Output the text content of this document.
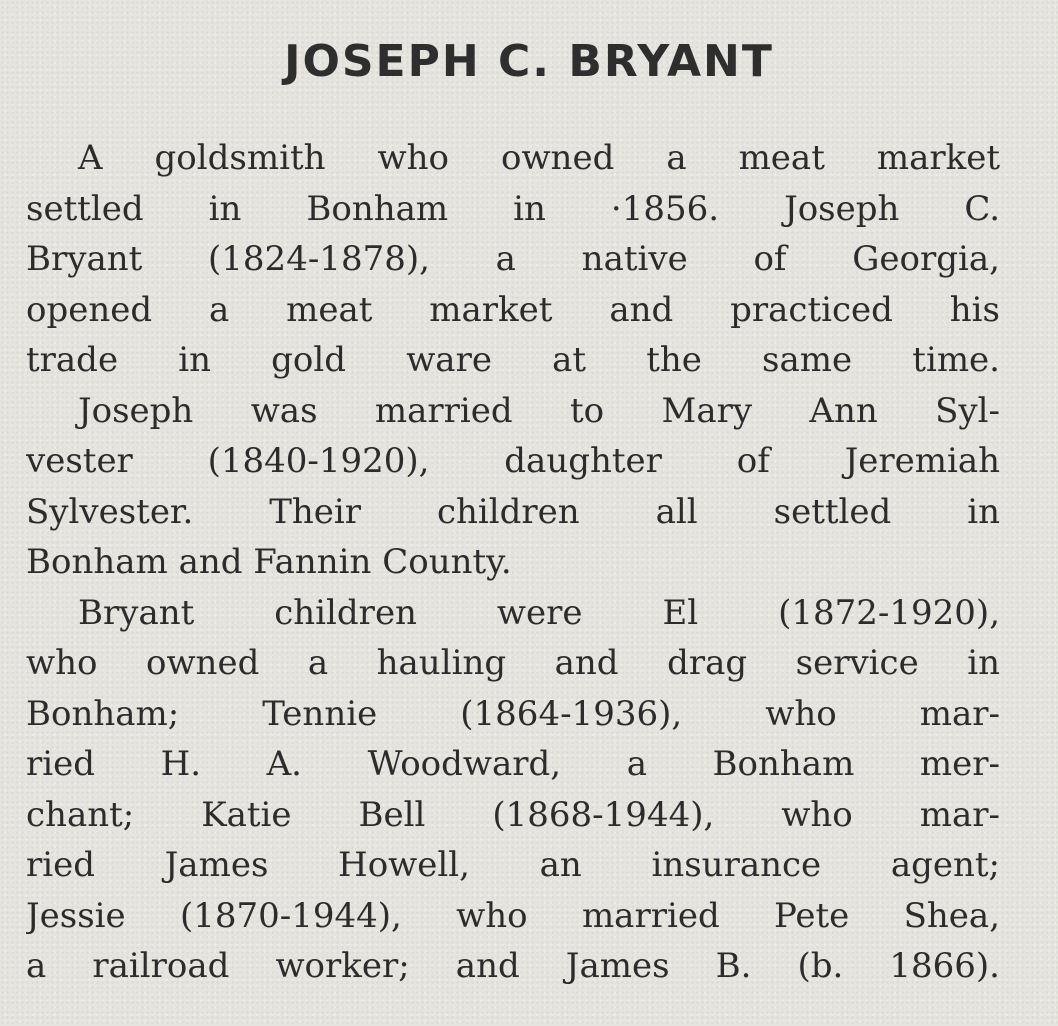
JOSEPH C. BRYANT
A goldsmith who owned a meat market
settled in Bonham in ·1856. Joseph C.
Bryant (1824-1878), a native of Georgia,
opened a meat market and practiced his
trade in gold ware at the same time.
Joseph was married to Mary Ann Syl-
vester (1840-1920), daughter of Jeremiah
Sylvester. Their children all settled in
Bonham and Fannin County.
Bryant children were El (1872-1920),
who owned a hauling and drag service in
Bonham; Tennie (1864-1936), who mar-
ried H. A. Woodward, a Bonham mer-
chant; Katie Bell (1868-1944), who mar-
ried James Howell, an insurance agent;
Jessie (1870-1944), who married Pete Shea,
a railroad worker; and James B. (b. 1866).
